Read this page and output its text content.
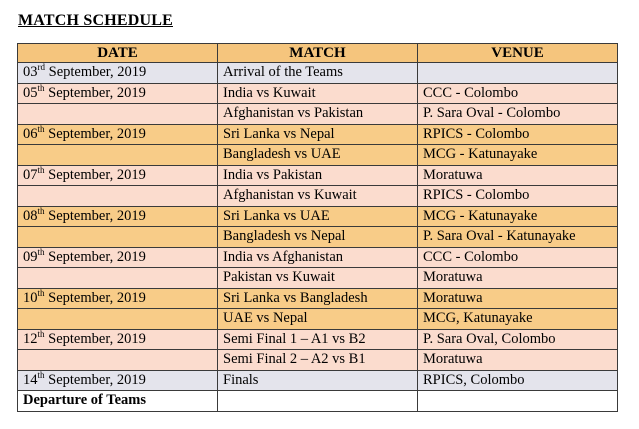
MATCH SCHEDULE
DATE	MATCH	VENUE
03rd September, 2019	Arrival of the Teams	
05th September, 2019	India vs Kuwait	CCC - Colombo
	Afghanistan vs Pakistan	P. Sara Oval - Colombo
06th September, 2019	Sri Lanka vs Nepal	RPICS - Colombo
	Bangladesh vs UAE	MCG - Katunayake
07th September, 2019	India vs Pakistan	Moratuwa
	Afghanistan vs Kuwait	RPICS - Colombo
08th September, 2019	Sri Lanka vs UAE	MCG - Katunayake
	Bangladesh vs Nepal	P. Sara Oval - Katunayake
09th September, 2019	India vs Afghanistan	CCC - Colombo
	Pakistan vs Kuwait	Moratuwa
10th September, 2019	Sri Lanka vs Bangladesh	Moratuwa
	UAE vs Nepal	MCG, Katunayake
12th September, 2019	Semi Final 1 – A1 vs B2	P. Sara Oval, Colombo
	Semi Final 2 – A2 vs B1	Moratuwa
14th September, 2019	Finals	RPICS, Colombo
Departure of Teams		
